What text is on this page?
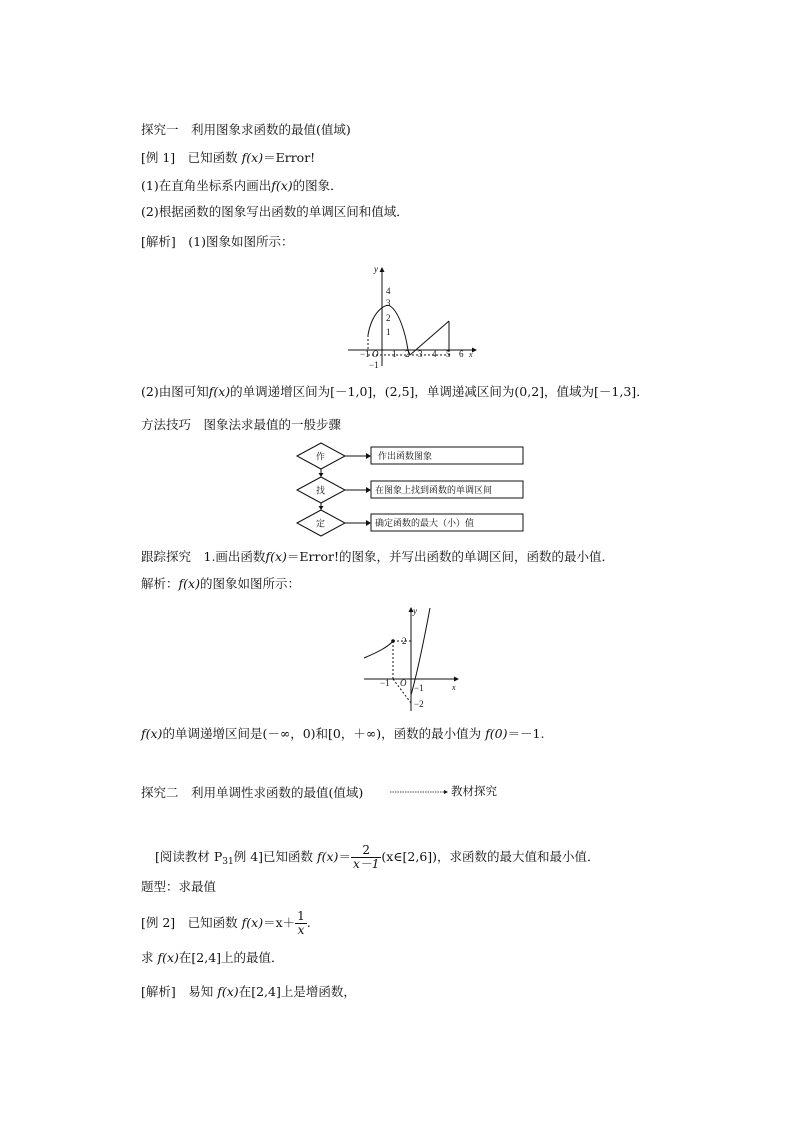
探究一　利用图象求函数的最值(值域)
[例 1]　已知函数 f(x)＝Error!
(1)在直角坐标系内画出f(x)的图象．
(2)根据函数的图象写出函数的单调区间和值域．
[解析]　(1)图象如图所示：
y
x
O
−1 1 2 3 4 5 6
4
3
2
1
−1
(2)由图可知f(x)的单调递增区间为[－1,0]，(2,5]，单调递减区间为(0,2]，值域为[－1,3]．
方法技巧　图象法求最值的一般步骤
作
找
定
作出函数图象
在图象上找到函数的单调区间
确定函数的最大（小）值
跟踪探究　1.画出函数f(x)＝Error!的图象，并写出函数的单调区间，函数的最小值．
解析：f(x)的图象如图所示：
y
x
O
−1
2
−1
−2
f(x)的单调递增区间是(－∞，0)和[0，＋∞)，函数的最小值为 f(0)＝－1.
探究二　利用单调性求函数的最值(值域)	教材探究
[阅读教材 $P_{31}$例 4]已知函数 $f(x)= \frac{2}{x-1}$ (x∈[2,6])，求函数的最大值和最小值．
题型：求最值
[例 2]　已知函数 $f(x)=x+ \frac{1}{x}$ .
求 f(x)在[2,4]上的最值．
[解析]　易知 f(x)在[2,4]上是增函数，
